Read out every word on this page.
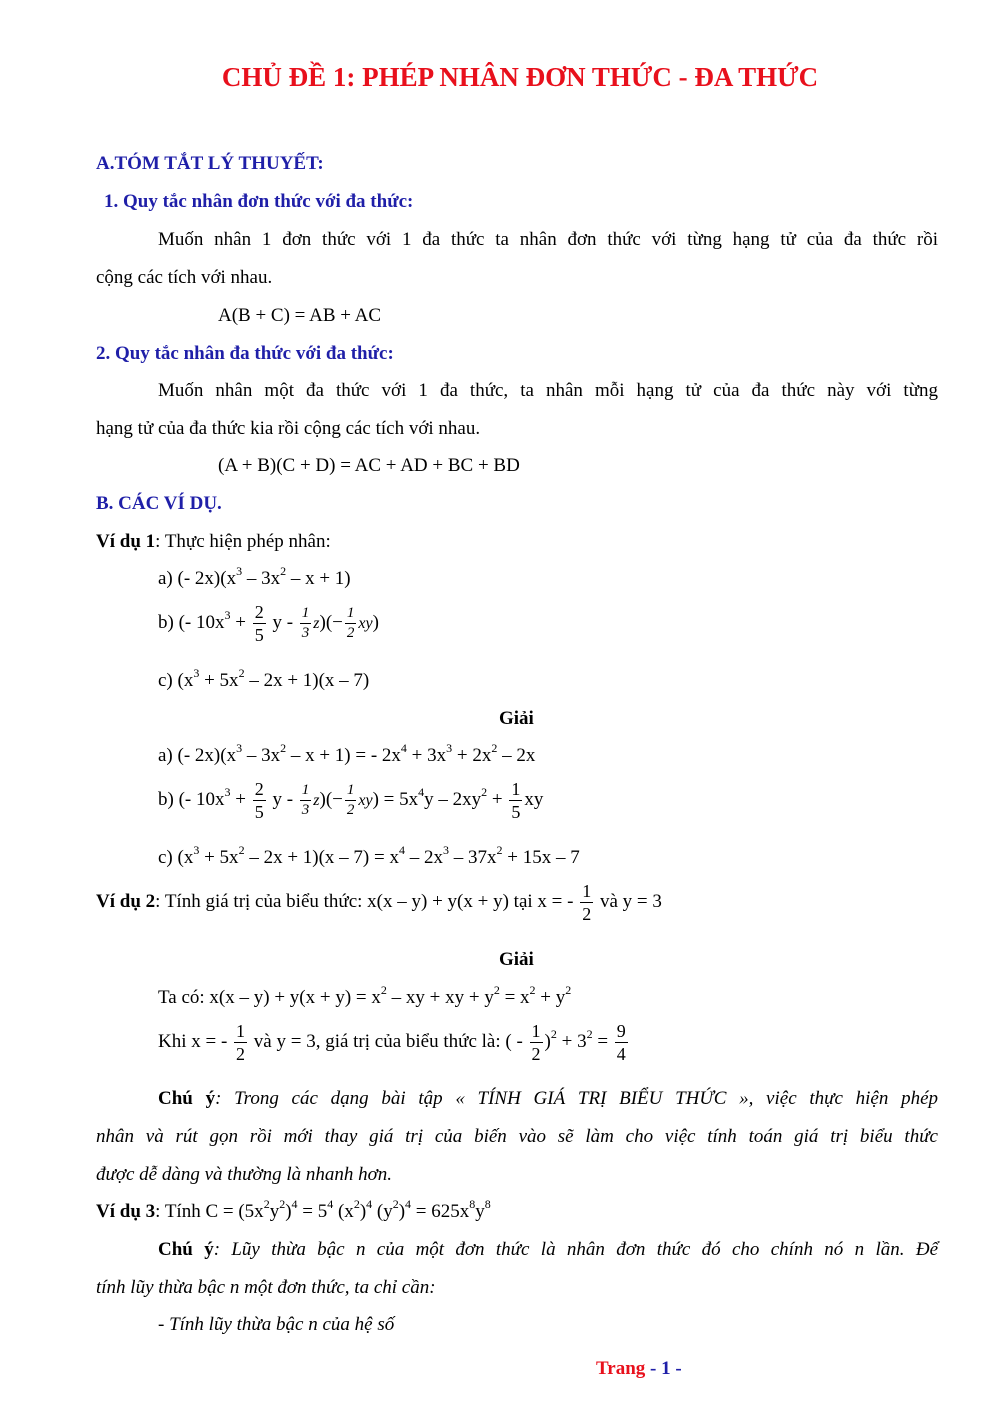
CHỦ ĐỀ 1: PHÉP NHÂN ĐƠN THỨC - ĐA THỨC
A.TÓM TẮT LÝ THUYẾT:
1. Quy tắc nhân đơn thức với đa thức:
Muốn nhân 1 đơn thức với 1 đa thức ta nhân đơn thức với từng hạng tử của đa thức rồi
cộng các tích với nhau.
A(B + C) = AB + AC
2. Quy tắc nhân đa thức với đa thức:
Muốn nhân một đa thức với 1 đa thức, ta nhân mỗi hạng tử của đa thức này với từng
hạng tử của đa thức kia rồi cộng các tích với nhau.
(A + B)(C + D) = AC + AD + BC + BD
B. CÁC VÍ DỤ.
Ví dụ 1: Thực hiện phép nhân:
a) (- $2x)(x^3 - 3x^2 - x + 1)$
b) (- $10x^3 + \frac{2}{5}$ $y - \frac{1}{3} z)(- \frac{1}{2} xy)$
c) $(x^3 + 5x^2 - 2x + 1)(x - 7)$
Giải
a) (- $2x)(x^3 - 3x^2 - x + 1)$ = - $2x^4 + 3x^3 + 2x^2 - 2x$
b) (- $10x^3 + \frac{2}{5}$ $y - \frac{1}{3} z)(- \frac{1}{2} xy) = 5x^4y - 2xy^2 + \frac{1}{5}$ xy
c) $(x^3 + 5x^2 - 2x + 1)(x - 7) = x^4 - 2x^3 - 37x^2 + 15x - 7$
Ví dụ 2: Tính giá trị của biểu thức: x(x – y) + y(x + y) tại x = - $\frac{1}{2}$ và y = 3
Giải
Ta có: $x(x - y) + y(x + y) = x^2$ – xy + xy + $y^2 = x^2 + y^2$
Khi x = - $\frac{1}{2}$ và y = 3, giá trị của biểu thức là: ( - $\frac{1}{2} )^2 + 3^2 = \frac{9}{4}$
Chú ý: Trong các dạng bài tập « TÍNH GIÁ TRỊ BIỂU THỨC », việc thực hiện phép
nhân và rút gọn rồi mới thay giá trị của biến vào sẽ làm cho việc tính toán giá trị biểu thức
được dễ dàng và thường là nhanh hơn.
Ví dụ 3: Tính $C = (5x^2y^2)^4 = 5^4$ $(x^2)^4$ $(y^2)^4 = 625x^8y^8$
Chú ý: Lũy thừa bậc n của một đơn thức là nhân đơn thức đó cho chính nó n lần. Để
tính lũy thừa bậc n một đơn thức, ta chỉ cần:
- Tính lũy thừa bậc n của hệ số
Trang - 1 -
